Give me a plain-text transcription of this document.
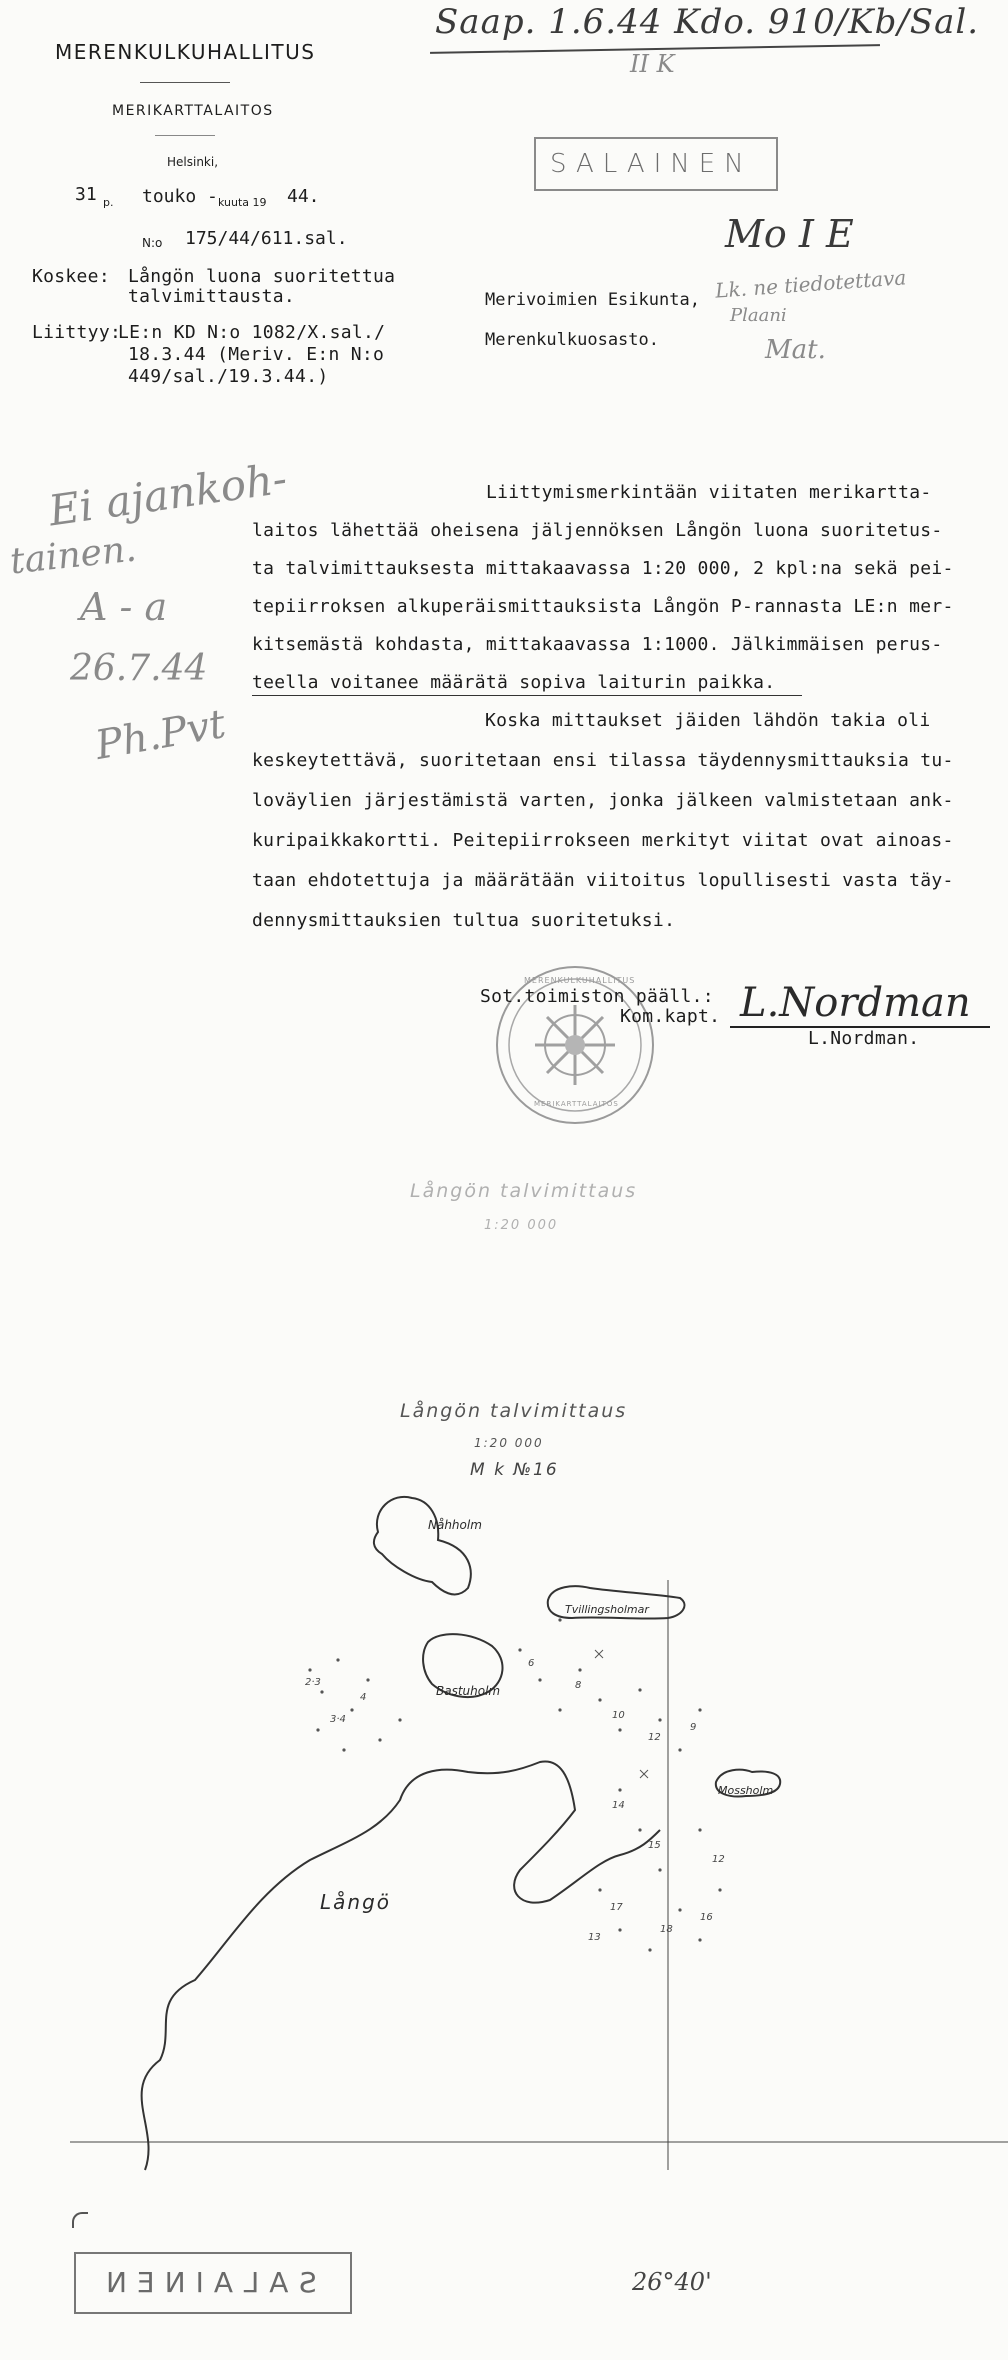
MERENKULKUHALLITUS
MERIKARTTALAITOS
Helsinki,
31 p. touko - kuuta 19 44.
N:o 175/44/611.sal.
Saap. 1.6.44 Kdo. 910/Kb/Sal.
II K
SALAINEN
Koskee: Långön luona suoritettua
talvimittausta.
Liittyy:
LE:n KD N:o 1082/X.sal./
18.3.44 (Meriv. E:n N:o
449/sal./19.3.44.)
Merivoimien Esikunta,
Merenkulkuosasto.
Mo I E
Lk. ne tiedotettava
Plaani
Mat.
Ei ajankoh-
tainen.
A - a
26.7.44
Ph.Pvt
Liittymismerkintään viitaten merikartta-
laitos lähettää oheisena jäljennöksen Långön luona suoritetus-
ta talvimittauksesta mittakaavassa 1:20 000, 2 kpl:na sekä pei-
tepiirroksen alkuperäismittauksista Långön P-rannasta LE:n mer-
kitsemästä kohdasta, mittakaavassa 1:1000. Jälkimmäisen perus-
teella voitanee määrätä sopiva laiturin paikka.
Koska mittaukset jäiden lähdön takia oli
keskeytettävä, suoritetaan ensi tilassa täydennysmittauksia tu-
loväylien järjestämistä varten, jonka jälkeen valmistetaan ank-
kuripaikkakortti. Peitepiirrokseen merkityt viitat ovat ainoas-
taan ehdotettuja ja määrätään viitoitus lopullisesti vasta täy-
dennysmittauksien tultua suoritetuksi.
MERENKULKUHALLITUS
MERIKARTTALAITOS
Sot.toimiston pääll.:
Kom.kapt. L.Nordman
L.Nordman.
Långön talvimittaus
1:20 000
Långön talvimittaus
1:20 000
M k №16
2·3
3·4
4
6
8
10
12
9
14
15
17
18
16
12
13
Nåhholm
Tvillingsholmar
Bastuholm
Mossholm
Långö
26°40'
SALAINEN
